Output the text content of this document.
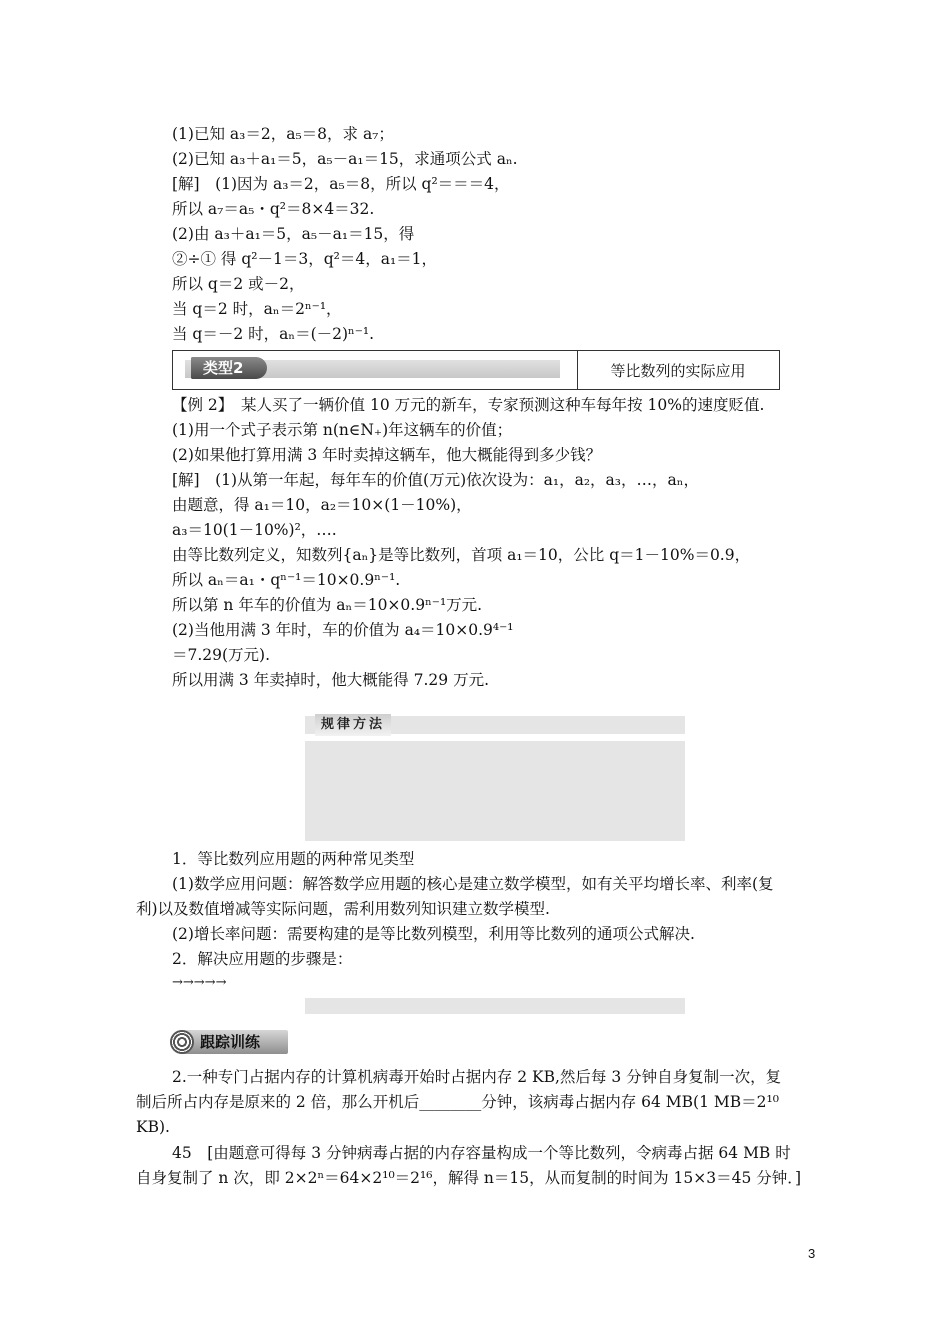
(1)已知 a₃＝2，a₅＝8，求 a₇；
(2)已知 a₃＋a₁＝5，a₅－a₁＝15，求通项公式 aₙ.
[解]　(1)因为 a₃＝2，a₅＝8，所以 q²＝＝＝4，
所以 a₇＝a₅・q²＝8×4＝32.
(2)由 a₃＋a₁＝5，a₅－a₁＝15，得
②÷① 得 q²－1＝3，q²＝4，a₁＝1，
所以 q＝2 或－2，
当 q＝2 时，aₙ＝2ⁿ⁻¹，
当 q＝－2 时，aₙ＝(－2)ⁿ⁻¹.
类型2	等比数列的实际应用
【例 2】　某人买了一辆价值 10 万元的新车，专家预测这种车每年按 10%的速度贬值.
(1)用一个式子表示第 n(n∈N₊)年这辆车的价值；
(2)如果他打算用满 3 年时卖掉这辆车，他大概能得到多少钱？
[解]　(1)从第一年起，每年车的价值(万元)依次设为：a₁，a₂，a₃，…，aₙ，
由题意，得 a₁＝10，a₂＝10×(1－10%)，
a₃＝10(1－10%)²，….
由等比数列定义，知数列{aₙ}是等比数列，首项 a₁＝10，公比 q＝1－10%＝0.9，
所以 aₙ＝a₁・qⁿ⁻¹＝10×0.9ⁿ⁻¹.
所以第 n 年车的价值为 aₙ＝10×0.9ⁿ⁻¹万元.
(2)当他用满 3 年时，车的价值为 a₄＝10×0.9⁴⁻¹
＝7.29(万元).
所以用满 3 年卖掉时，他大概能得 7.29 万元.
规律方法
1．等比数列应用题的两种常见类型
(1)数学应用问题：解答数学应用题的核心是建立数学模型，如有关平均增长率、利率(复
利)以及数值增减等实际问题，需利用数列知识建立数学模型.
(2)增长率问题：需要构建的是等比数列模型，利用等比数列的通项公式解决.
2．解决应用题的步骤是：
→→→→→
跟踪训练
2.一种专门占据内存的计算机病毒开始时占据内存 2 KB,然后每 3 分钟自身复制一次，复
制后所占内存是原来的 2 倍，那么开机后________分钟，该病毒占据内存 64 MB(1 MB＝2¹⁰
KB).
45　[由题意可得每 3 分钟病毒占据的内存容量构成一个等比数列，令病毒占据 64 MB 时
自身复制了 n 次，即 2×2ⁿ＝64×2¹⁰＝2¹⁶，解得 n＝15，从而复制的时间为 15×3＝45 分钟．]
3
